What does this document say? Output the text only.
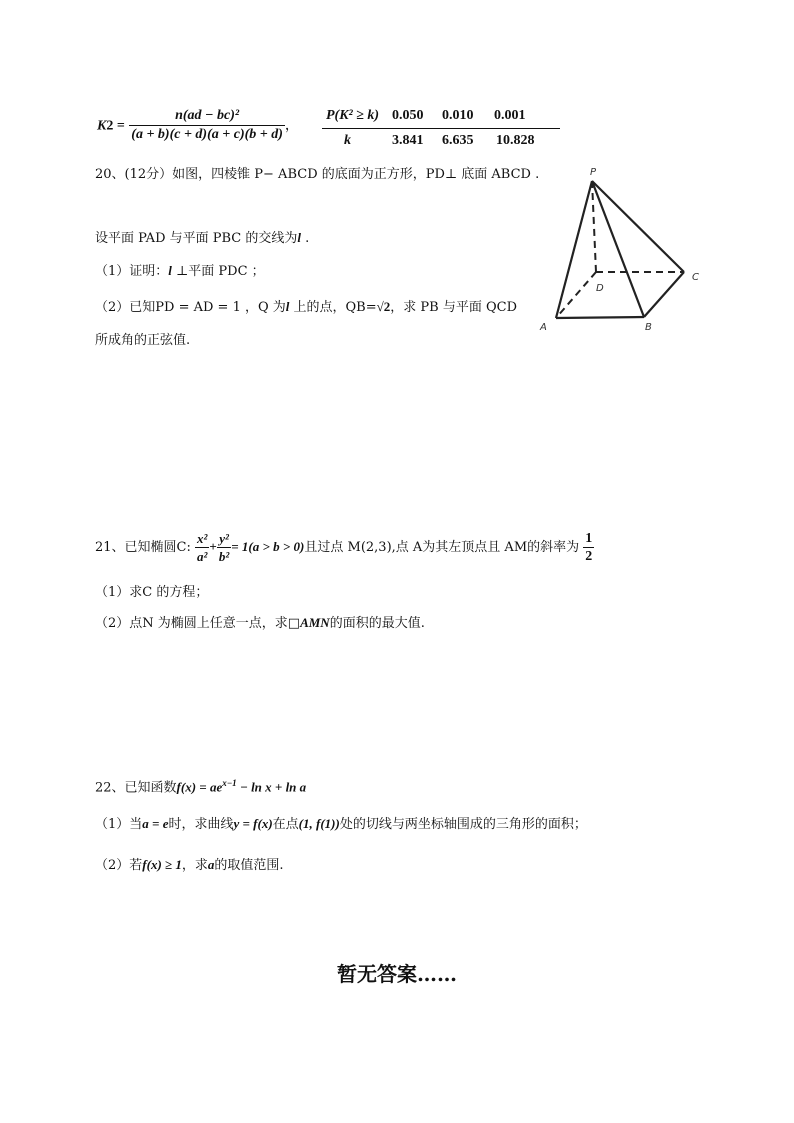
$K2 = \frac{\text{n(ad − bc)²}}{(a + b)(c + d)(a + c)(b + d)}$ ，
P(K² ≥ k) 0.050 0.010 0.001
k	3.841 6.635 10.828
20、(12分）如图，四棱锥 P− ABCD 的底面为正方形，PD⊥ 底面 ABCD .
设平面 PAD 与平面 PBC 的交线为l .
（1）证明：l ⊥平面 PDC ；
（2）已知PD = AD = 1 ，Q 为l 上的点，QB=√2，求 PB 与平面 QCD
所成角的正弦值.
P
A	B
C
D
21、已知椭圆C: $\frac{\text{x²}}{\text{a²}} + \frac{\text{y²}}{\text{b²}} = 1(a > b > 0)$且过点 M(2,3),点 A为其左顶点且 AM的斜率为 $\frac{1}{2}$
（1）求C 的方程；
（2）点N 为椭圆上任意一点，求□AMN的面积的最大值.
22、已知函数$f(x) = ae^{x-1} - \ln x + \ln a$
（1）当a = e时，求曲线y = f(x)在点(1, f(1))处的切线与两坐标轴围成的三角形的面积；
（2）若f(x) ≥ 1，求a的取值范围.
暂无答案……
